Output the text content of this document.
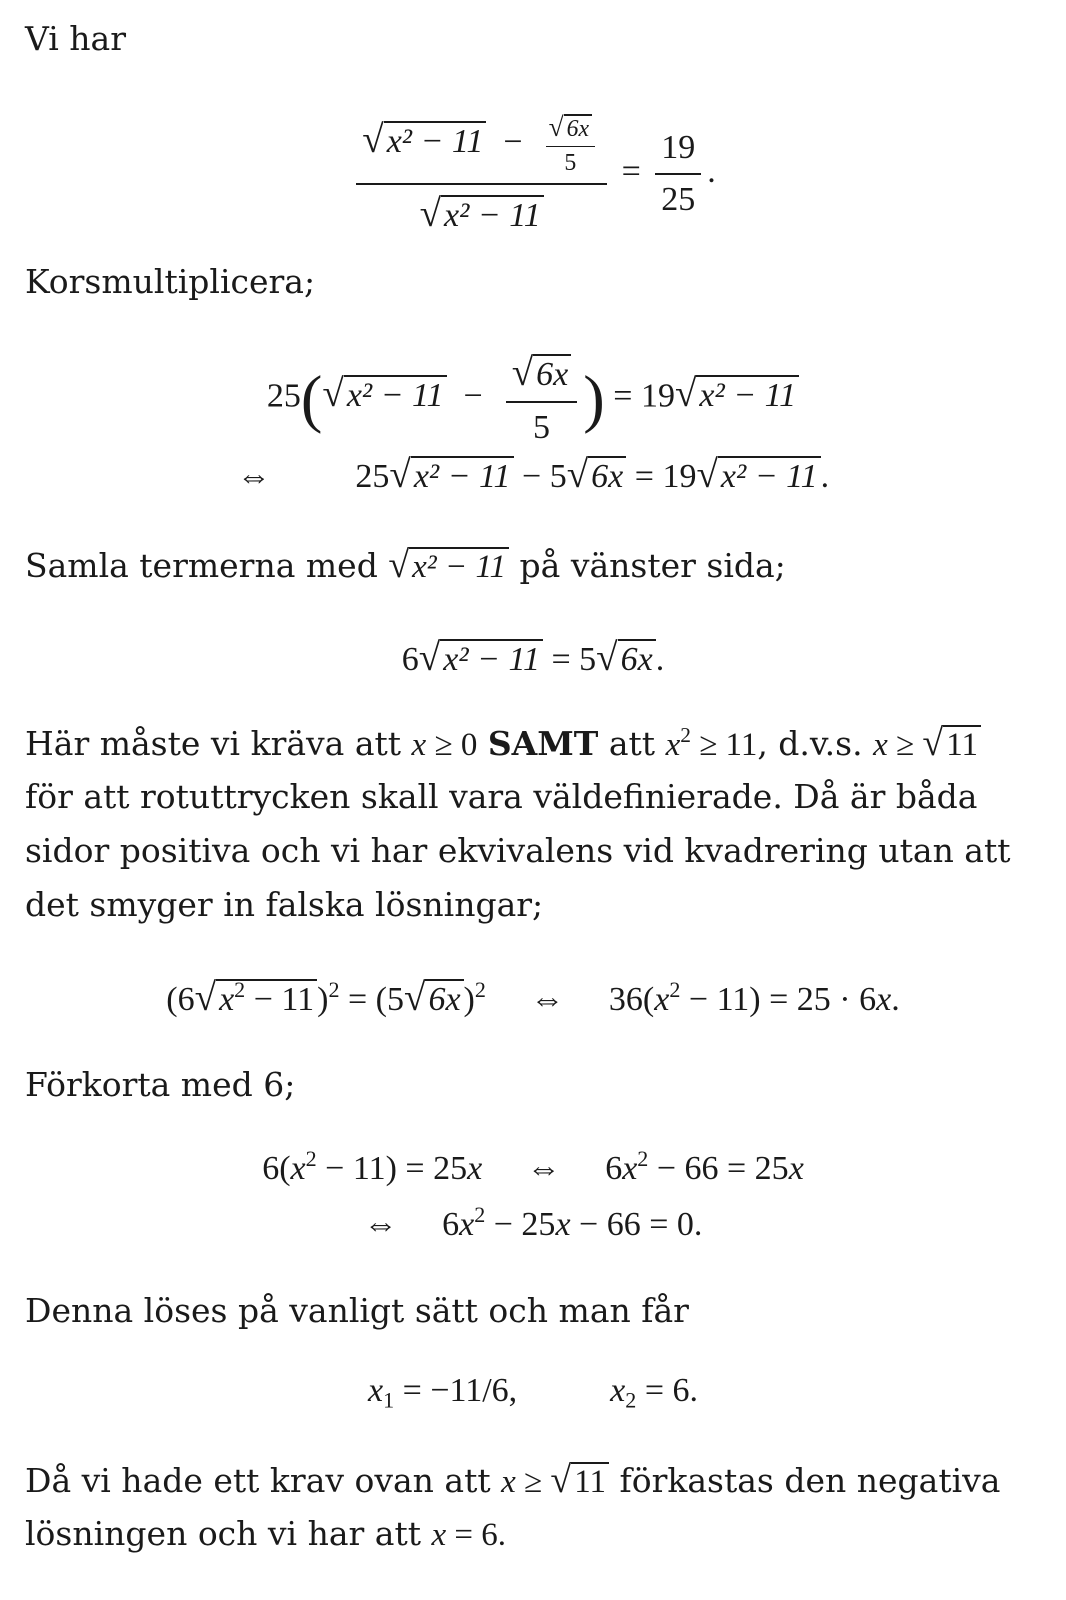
Vi har
$\frac{√x^2 - 11 - \frac{√ 6x}{5}}{\text{√x² − 11}} = \frac{19}{25}$ .
Korsmultiplicera;
$25(√x^2 - 11 - \frac{√6x}{5}$ ) = 19√x² − 11
⇔ 25√x² − 11 − 5√6x = 19√x² − 11.
Samla termerna med √x² − 11 på vänster sida;
6√x² − 11 = 5√6x.
Här måste vi kräva att x ≥ 0 SAMT att $x^2 \ge 11$, d.v.s. x ≥ √11
för att rotuttrycken skall vara väldefinierade. Då är båda sidor positiva och vi har ekvivalens vid kvadrering utan att det smyger in falska lösningar;
$(6√x^2 - 11)^2 = (5√6x)^2$ ⇔ $36(x^2 - 11) = 25 \cdot 6x$.
Förkorta med 6;
$6(x^2 - 11) = 25x$ ⇔ $6x^2 - 66 = 25x$
⇔ $6x^2 - 25x - 66 = 0$.
Denna löses på vanligt sätt och man får
$x_1 = -11/6$,	$x_2 = 6$.
Då vi hade ett krav ovan att x ≥ √11 förkastas den negativa
lösningen och vi har att x = 6.
